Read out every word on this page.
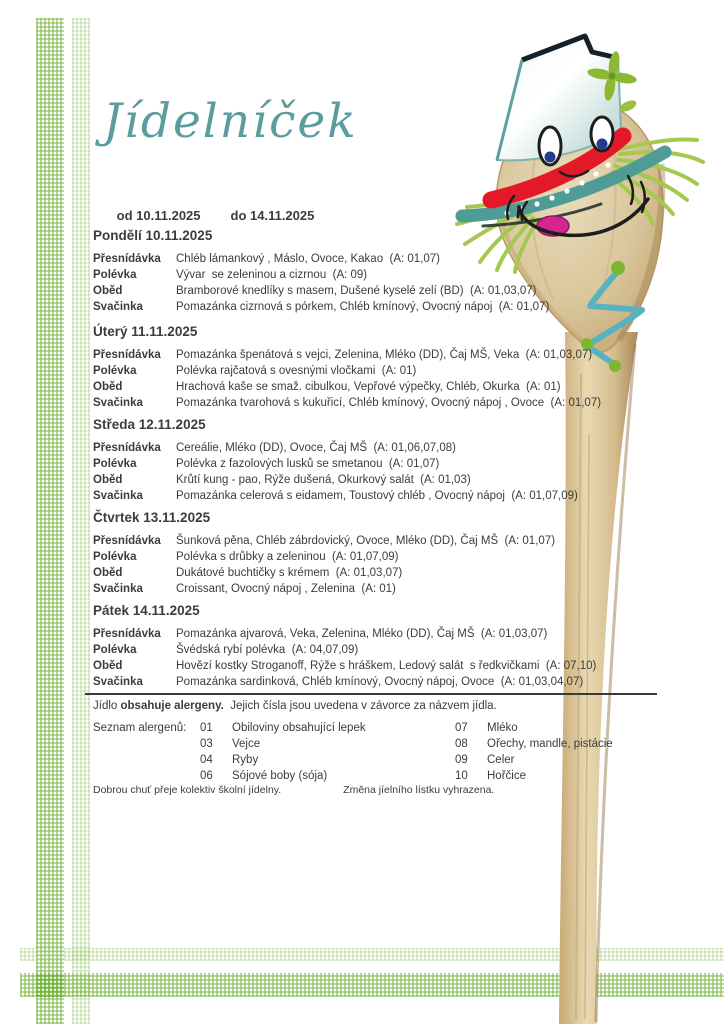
Jídelníček

od 10.11.2025 do 14.11.2025

Pondělí 10.11.2025
Přesnídávka	Chléb lámankový , Máslo, Ovoce, Kakao  (A: 01,07)
Polévka	Vývar  se zeleninou a cizrnou  (A: 09)
Oběd	Bramborové knedlíky s masem, Dušené kyselé zelí (BD)  (A: 01,03,07)
Svačinka	Pomazánka cizrnová s pórkem, Chléb kmínový, Ovocný nápoj  (A: 01,07)
Úterý 11.11.2025
Přesnídávka	Pomazánka špenátová s vejci, Zelenina, Mléko (DD), Čaj MŠ, Veka  (A: 01,03,07)
Polévka	Polévka rajčatová s ovesnými vločkami  (A: 01)
Oběd	Hrachová kaše se smaž. cibulkou, Vepřové výpečky, Chléb, Okurka  (A: 01)
Svačinka	Pomazánka tvarohová s kukuřicí, Chléb kmínový, Ovocný nápoj , Ovoce  (A: 01,07)
Středa 12.11.2025
Přesnídávka	Cereálie, Mléko (DD), Ovoce, Čaj MŠ  (A: 01,06,07,08)
Polévka	Polévka z fazolových lusků se smetanou  (A: 01,07)
Oběd	Krůtí kung - pao, Rýže dušená, Okurkový salát  (A: 01,03)
Svačinka	Pomazánka celerová s eidamem, Toustový chléb , Ovocný nápoj  (A: 01,07,09)
Čtvrtek 13.11.2025
Přesnídávka	Šunková pěna, Chléb zábrdovický, Ovoce, Mléko (DD), Čaj MŠ  (A: 01,07)
Polévka	Polévka s drůbky a zeleninou  (A: 01,07,09)
Oběd	Dukátové buchtičky s krémem  (A: 01,03,07)
Svačinka	Croissant, Ovocný nápoj , Zelenina  (A: 01)
Pátek 14.11.2025
Přesnídávka	Pomazánka ajvarová, Veka, Zelenina, Mléko (DD), Čaj MŠ  (A: 01,03,07)
Polévka	Švédská rybí polévka  (A: 04,07,09)
Oběd	Hovězí kostky Stroganoff, Rýže s hráškem, Ledový salát  s ředkvičkami  (A: 07,10)
Svačinka	Pomazánka sardinková, Chléb kmínový, Ovocný nápoj, Ovoce  (A: 01,03,04,07)
Jídlo obsahuje alergeny.  Jejich čísla jsou uvedena v závorce za názvem jídla.
Seznam alergenů:	01	Obiloviny obsahující lepek	07	Mléko
03	Vejce	08	Ořechy, mandle, pistácie
04	Ryby	09	Celer
06	Sójové boby (sója)	10	Hořčice
Dobrou chuť přeje kolektiv školní jídelny.	Změna jíelního lístku vyhrazena.
